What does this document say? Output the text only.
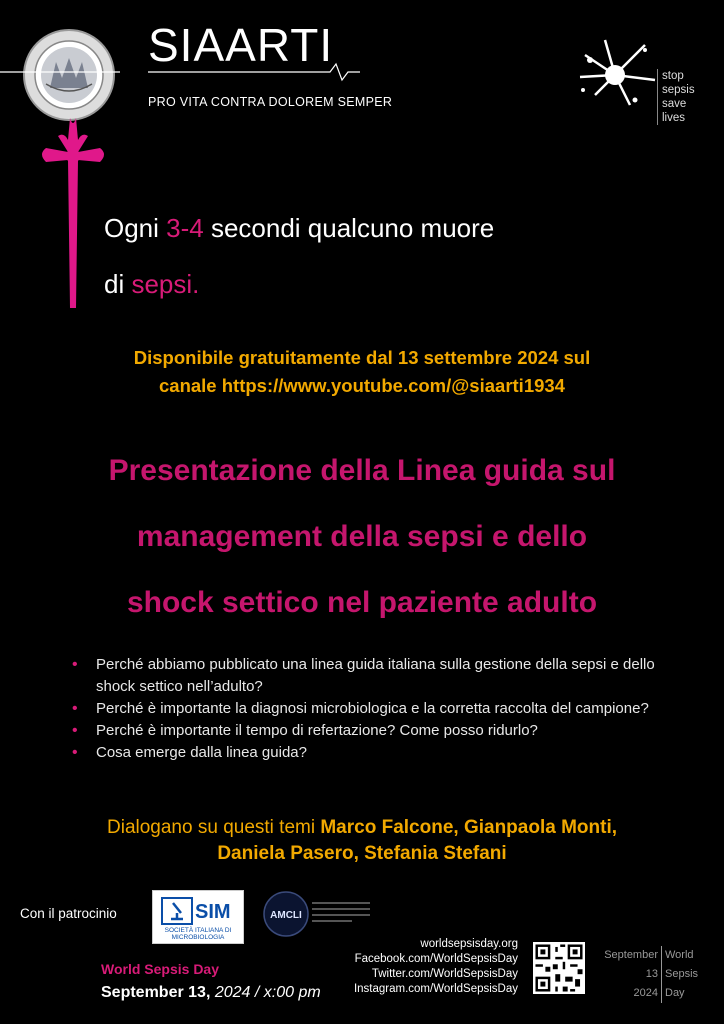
SIAARTI
PRO VITA CONTRA DOLOREM SEMPER
stop
sepsis
save
lives
Ogni 3-4 secondi qualcuno muore
di sepsi.
Disponibile gratuitamente dal 13 settembre 2024 sul
canale https://www.youtube.com/@siaarti1934
Presentazione della Linea guida sul
management della sepsi e dello
shock settico nel paziente adulto
• Perché abbiamo pubblicato una linea guida italiana sulla gestione della sepsi e dello shock settico nell’adulto?
• Perché è importante la diagnosi microbiologica e la corretta raccolta del campione?
• Perché è importante il tempo di refertazione? Come posso ridurlo?
• Cosa emerge dalla linea guida?
Dialogano su questi temi Marco Falcone, Gianpaola Monti,
Daniela Pasero, Stefania Stefani
Con il patrocinio	SIM
SOCIETÀ ITALIANA DI MICROBIOLOGIA
AMCLI
World Sepsis Day
September 13, 2024 / x:00 pm
worldsepsisday.org
Facebook.com/WorldSepsisDay
Twitter.com/WorldSepsisDay
Instagram.com/WorldSepsisDay
September World
13 Sepsis
2024 Day
